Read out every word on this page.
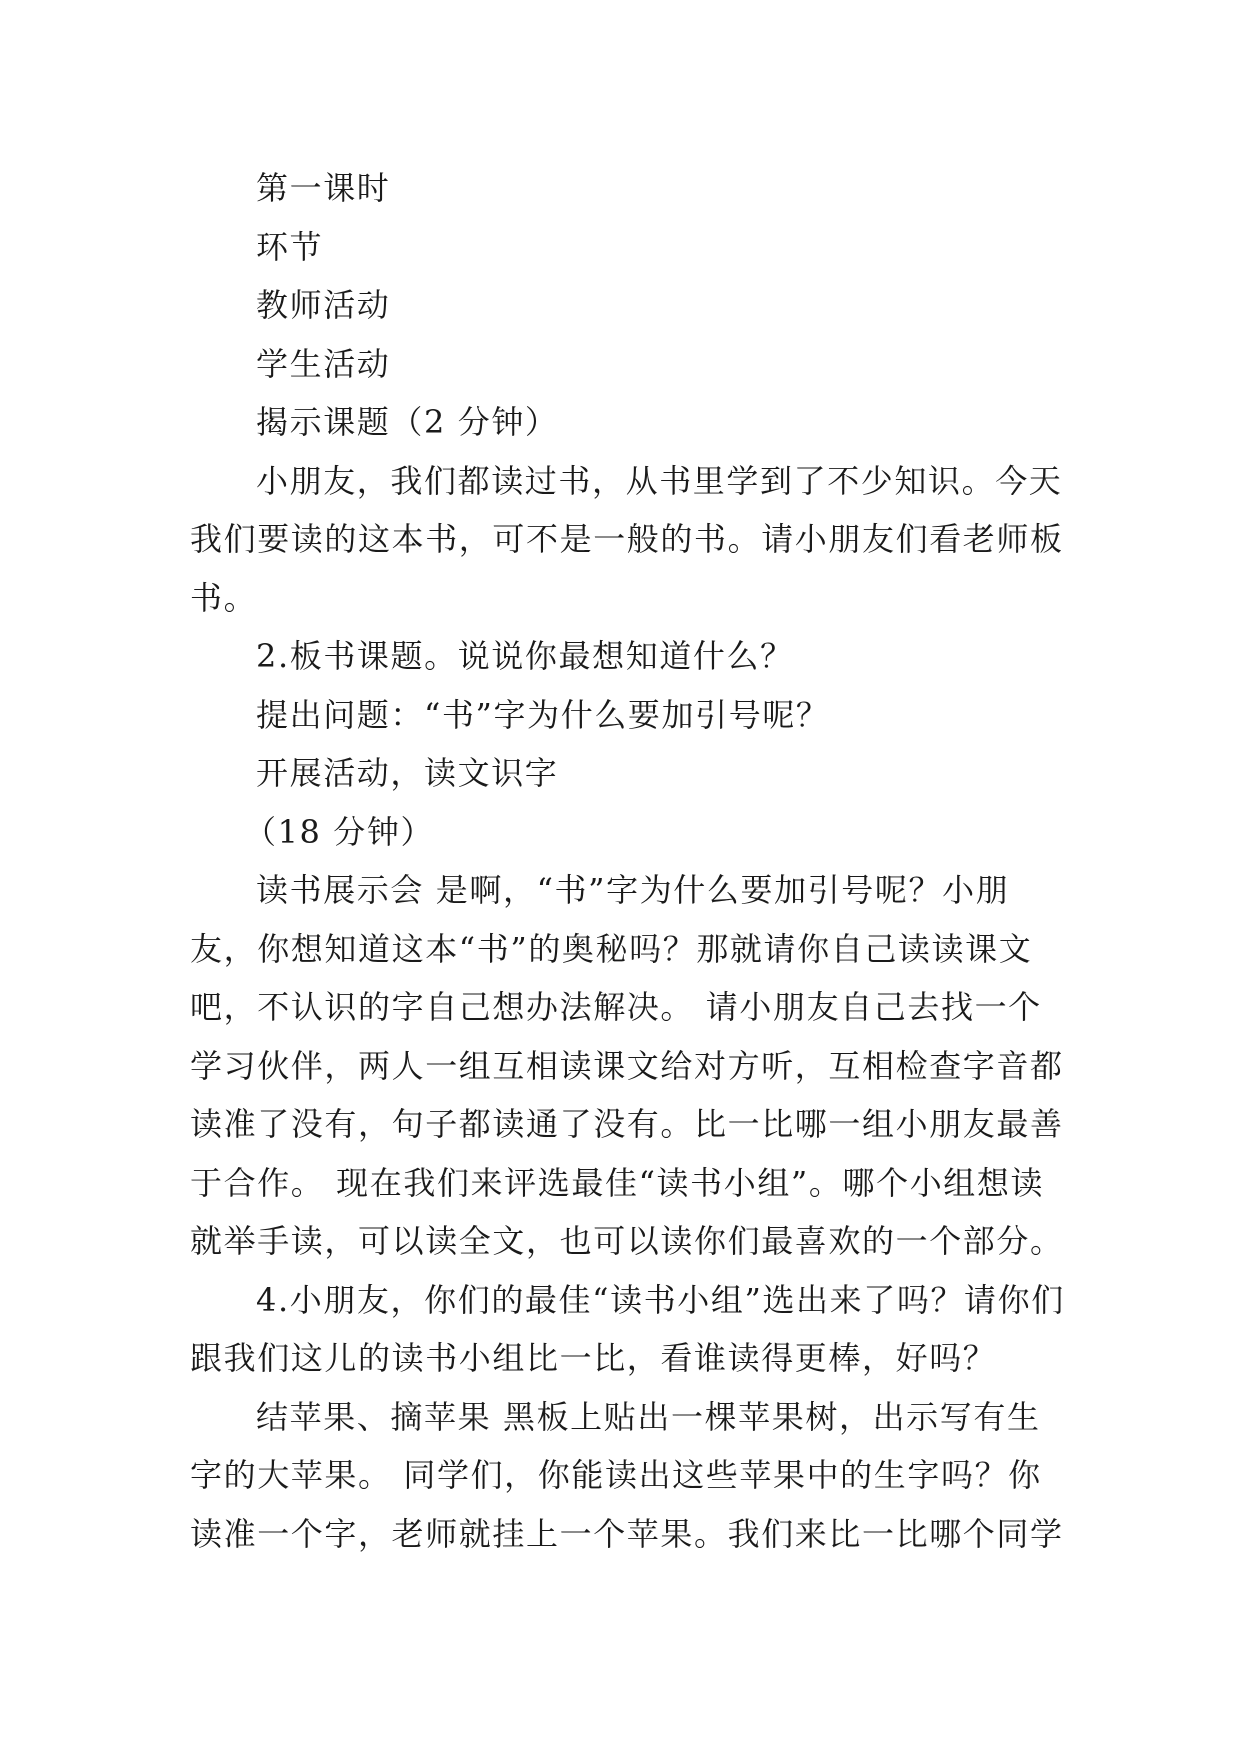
第一课时

环节

教师活动

学生活动

揭示课题（2 分钟）

小朋友，我们都读过书，从书里学到了不少知识。今天我们要读的这本书，可不是一般的书。请小朋友们看老师板书。

2.板书课题。说说你最想知道什么？

提出问题：“书”字为什么要加引号呢？

开展活动，读文识字

（18 分钟）

读书展示会 是啊，“书”字为什么要加引号呢？小朋友，你想知道这本“书”的奥秘吗？那就请你自己读读课文吧，不认识的字自己想办法解决。 请小朋友自己去找一个学习伙伴，两人一组互相读课文给对方听，互相检查字音都读准了没有，句子都读通了没有。比一比哪一组小朋友最善于合作。 现在我们来评选最佳“读书小组”。哪个小组想读就举手读，可以读全文，也可以读你们最喜欢的一个部分。

4.小朋友，你们的最佳“读书小组”选出来了吗？请你们跟我们这儿的读书小组比一比，看谁读得更棒，好吗？

结苹果、摘苹果 黑板上贴出一棵苹果树，出示写有生字的大苹果。 同学们，你能读出这些苹果中的生字吗？你读准一个字，老师就挂上一个苹果。我们来比一比哪个同学
